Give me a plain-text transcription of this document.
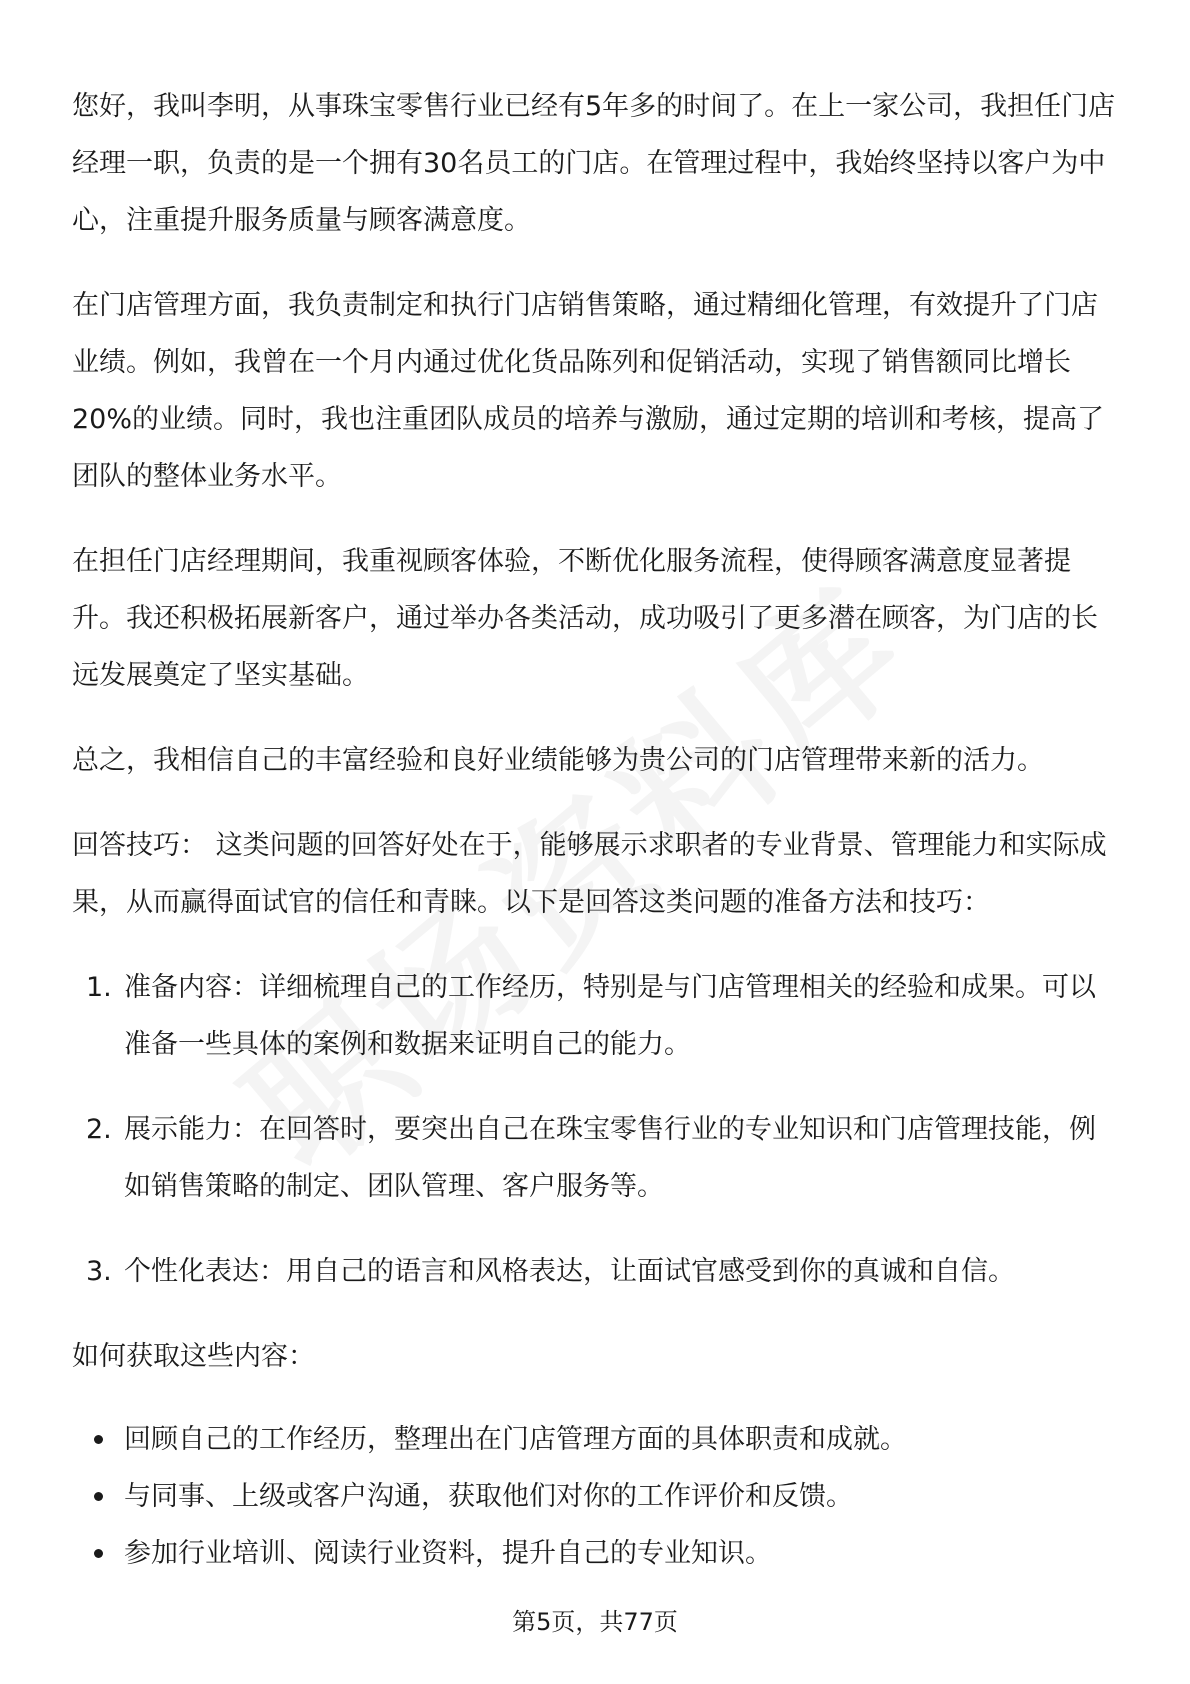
您好，我叫李明，从事珠宝零售行业已经有5年多的时间了。在上一家公司，我担任门店经理一职，负责的是一个拥有30名员工的门店。在管理过程中，我始终坚持以客户为中心，注重提升服务质量与顾客满意度。

在门店管理方面，我负责制定和执行门店销售策略，通过精细化管理，有效提升了门店业绩。例如，我曾在一个月内通过优化货品陈列和促销活动，实现了销售额同比增长20%的业绩。同时，我也注重团队成员的培养与激励，通过定期的培训和考核，提高了团队的整体业务水平。

在担任门店经理期间，我重视顾客体验，不断优化服务流程，使得顾客满意度显著提升。我还积极拓展新客户，通过举办各类活动，成功吸引了更多潜在顾客，为门店的长远发展奠定了坚实基础。

总之，我相信自己的丰富经验和良好业绩能够为贵公司的门店管理带来新的活力。

回答技巧： 这类问题的回答好处在于，能够展示求职者的专业背景、管理能力和实际成果，从而赢得面试官的信任和青睐。以下是回答这类问题的准备方法和技巧：

1. 准备内容：详细梳理自己的工作经历，特别是与门店管理相关的经验和成果。可以准备一些具体的案例和数据来证明自己的能力。
2. 展示能力：在回答时，要突出自己在珠宝零售行业的专业知识和门店管理技能，例如销售策略的制定、团队管理、客户服务等。
3. 个性化表达：用自己的语言和风格表达，让面试官感受到你的真诚和自信。

如何获取这些内容：

回顾自己的工作经历，整理出在门店管理方面的具体职责和成就。
与同事、上级或客户沟通，获取他们对你的工作评价和反馈。
参加行业培训、阅读行业资料，提升自己的专业知识。
第5页，共77页
